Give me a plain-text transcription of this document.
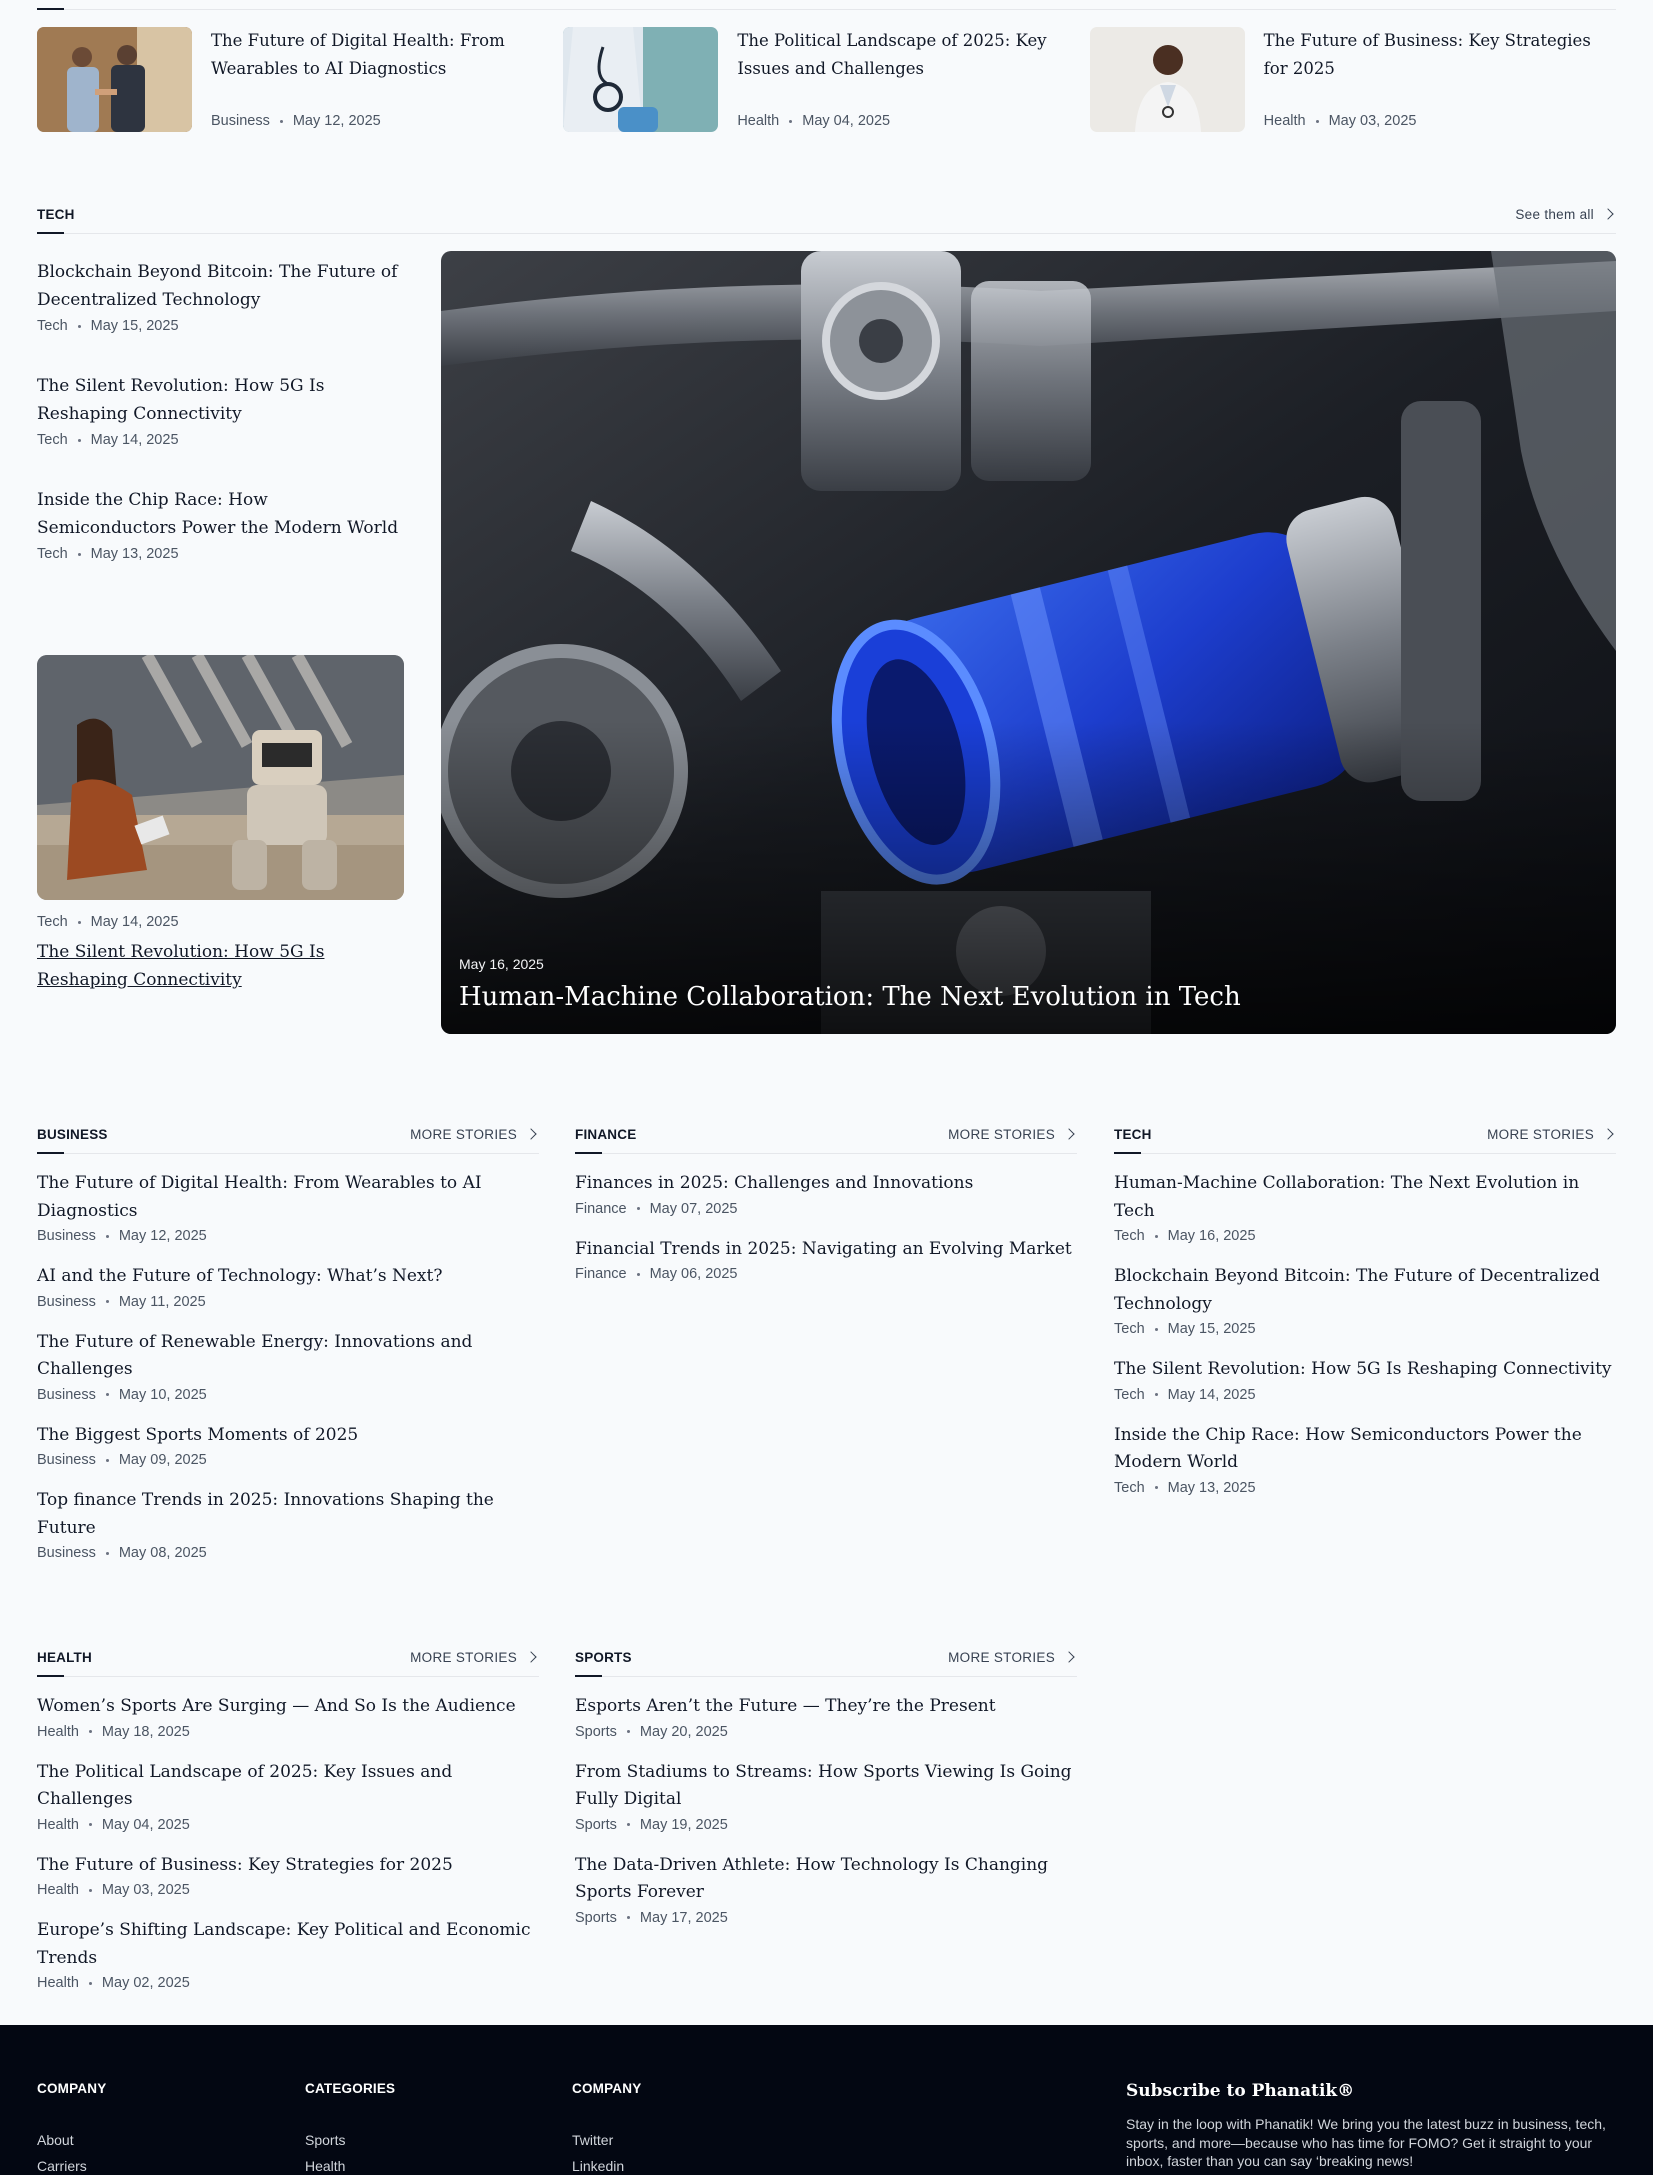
The Future of Digital Health: From Wearables to AI Diagnostics
Business May 12, 2025
The Political Landscape of 2025: Key Issues and Challenges
Health May 04, 2025
The Future of Business: Key Strategies for 2025
Health May 03, 2025
TECH	See them all
Blockchain Beyond Bitcoin: The Future of Decentralized Technology
Tech May 15, 2025
The Silent Revolution: How 5G Is Reshaping Connectivity
Tech May 14, 2025
Inside the Chip Race: How Semiconductors Power the Modern World
Tech May 13, 2025
Tech May 14, 2025
The Silent Revolution: How 5G Is Reshaping Connectivity
May 16, 2025
Human-Machine Collaboration: The Next Evolution in Tech
BUSINESS	MORE STORIES	FINANCE	MORE STORIES	TECH	MORE STORIES
The Future of Digital Health: From Wearables to AI Diagnostics
Business May 12, 2025
AI and the Future of Technology: What’s Next?
Business May 11, 2025
The Future of Renewable Energy: Innovations and Challenges
Business May 10, 2025
The Biggest Sports Moments of 2025
Business May 09, 2025
Top finance Trends in 2025: Innovations Shaping the Future
Business May 08, 2025
Finances in 2025: Challenges and Innovations
Finance May 07, 2025
Financial Trends in 2025: Navigating an Evolving Market
Finance May 06, 2025
Human-Machine Collaboration: The Next Evolution in Tech
Tech May 16, 2025
Blockchain Beyond Bitcoin: The Future of Decentralized Technology
Tech May 15, 2025
The Silent Revolution: How 5G Is Reshaping Connectivity
Tech May 14, 2025
Inside the Chip Race: How Semiconductors Power the Modern World
Tech May 13, 2025
HEALTH	MORE STORIES	SPORTS	MORE STORIES
Women’s Sports Are Surging — And So Is the Audience
Health May 18, 2025
The Political Landscape of 2025: Key Issues and Challenges
Health May 04, 2025
The Future of Business: Key Strategies for 2025
Health May 03, 2025
Europe’s Shifting Landscape: Key Political and Economic Trends
Health May 02, 2025
Esports Aren’t the Future — They’re the Present
Sports May 20, 2025
From Stadiums to Streams: How Sports Viewing Is Going Fully Digital
Sports May 19, 2025
The Data-Driven Athlete: How Technology Is Changing Sports Forever
Sports May 17, 2025
COMPANY
About
Carriers
CATEGORIES
Sports
Health
COMPANY
Twitter
Linkedin
Subscribe to Phanatik®
Stay in the loop with Phanatik! We bring you the latest buzz in business, tech, sports, and more—because who has time for FOMO? Get it straight to your inbox, faster than you can say ‘breaking news!
